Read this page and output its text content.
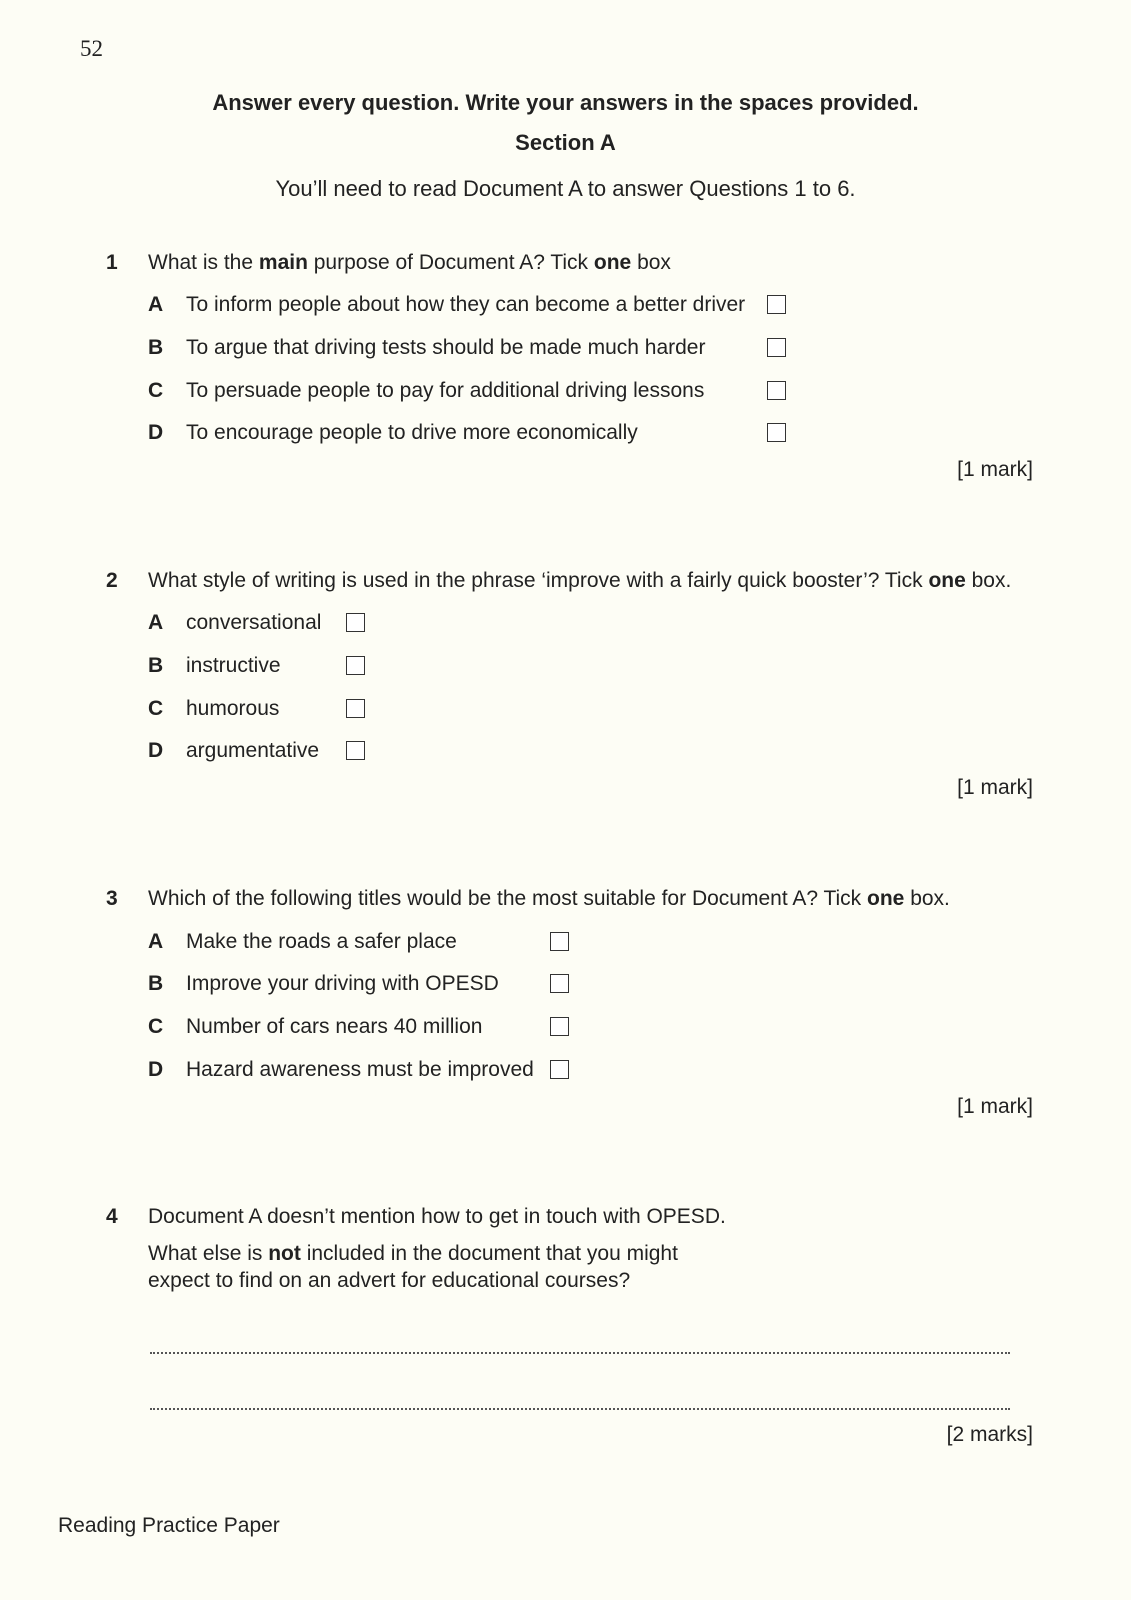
52
Answer every question. Write your answers in the spaces provided.
Section A
You’ll need to read Document A to answer Questions 1 to 6.
1 What is the main purpose of Document A? Tick one box
A To inform people about how they can become a better driver
B To argue that driving tests should be made much harder
C To persuade people to pay for additional driving lessons
D To encourage people to drive more economically
[1 mark]
2 What style of writing is used in the phrase ‘improve with a fairly quick booster’? Tick one box.
A conversational
B instructive
C humorous
D argumentative
[1 mark]
3 Which of the following titles would be the most suitable for Document A? Tick one box.
A Make the roads a safer place
B Improve your driving with OPESD
C Number of cars nears 40 million
D Hazard awareness must be improved
[1 mark]
4 Document A doesn’t mention how to get in touch with OPESD.
What else is not included in the document that you might
expect to find on an advert for educational courses?
[2 marks]
Reading Practice Paper
